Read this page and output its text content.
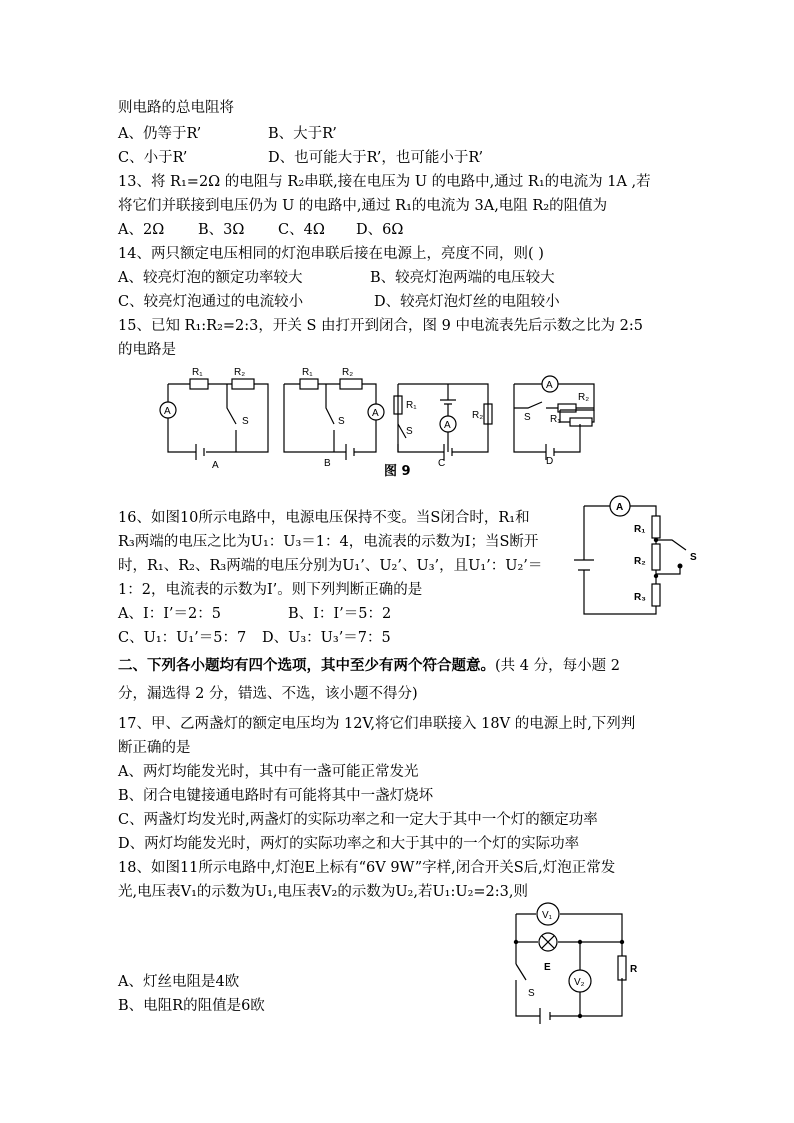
则电路的总电阻将
A、仍等于R’	B、大于R’
C、小于R’	D、也可能大于R’，也可能小于R’
13、将 R₁=2Ω 的电阻与 R₂串联,接在电压为 U 的电路中,通过 R₁的电流为 1A ,若
将它们并联接到电压仍为 U 的电路中,通过 R₁的电流为 3A,电阻 R₂的阻值为
A、2Ω B、3Ω C、4Ω D、6Ω
14、两只额定电压相同的灯泡串联后接在电源上，亮度不同，则( )
A、较亮灯泡的额定功率较大	B、较亮灯泡两端的电压较大
C、较亮灯泡通过的电流较小	D、较亮灯泡灯丝的电阻较小
15、已知 R₁:R₂=2:3，开关 S 由打开到闭合，图 9 中电流表先后示数之比为 2:5
的电路是
A
R₁	R₂
S
A
R₁	R₂
S
A
B
R₁
S
A
R₂
C
A
S R₁
R₂
D
图 9
16、如图10所示电路中，电源电压保持不变。当S闭合时，R₁和
R₃两端的电压之比为U₁：U₃＝1：4，电流表的示数为I；当S断开
时，R₁、R₂、R₃两端的电压分别为U₁’、U₂’、U₃’，且U₁’：U₂’＝
1：2，电流表的示数为I’。则下列判断正确的是
A、I：I’＝2：5	B、I：I’＝5：2
C、U₁：U₁’＝5：7 D、U₃：U₃’＝7：5
A
R₁
R₂
R₃
S
二、下列各小题均有四个选项，其中至少有两个符合题意。(共 4 分，每小题 2
分，漏选得 2 分，错选、不选，该小题不得分)
17、甲、乙两盏灯的额定电压均为 12V,将它们串联接入 18V 的电源上时,下列判
断正确的是
A、两灯均能发光时，其中有一盏可能正常发光
B、闭合电键接通电路时有可能将其中一盏灯烧坏
C、两盏灯均发光时,两盏灯的实际功率之和一定大于其中一个灯的额定功率
D、两灯均能发光时，两灯的实际功率之和大于其中的一个灯的实际功率
18、如图11所示电路中,灯泡E上标有“6V 9W”字样,闭合开关S后,灯泡正常发
光,电压表V₁的示数为U₁,电压表V₂的示数为U₂,若U₁:U₂=2:3,则
V₁
E
V₂
R
S
A、灯丝电阻是4欧
B、电阻R的阻值是6欧
